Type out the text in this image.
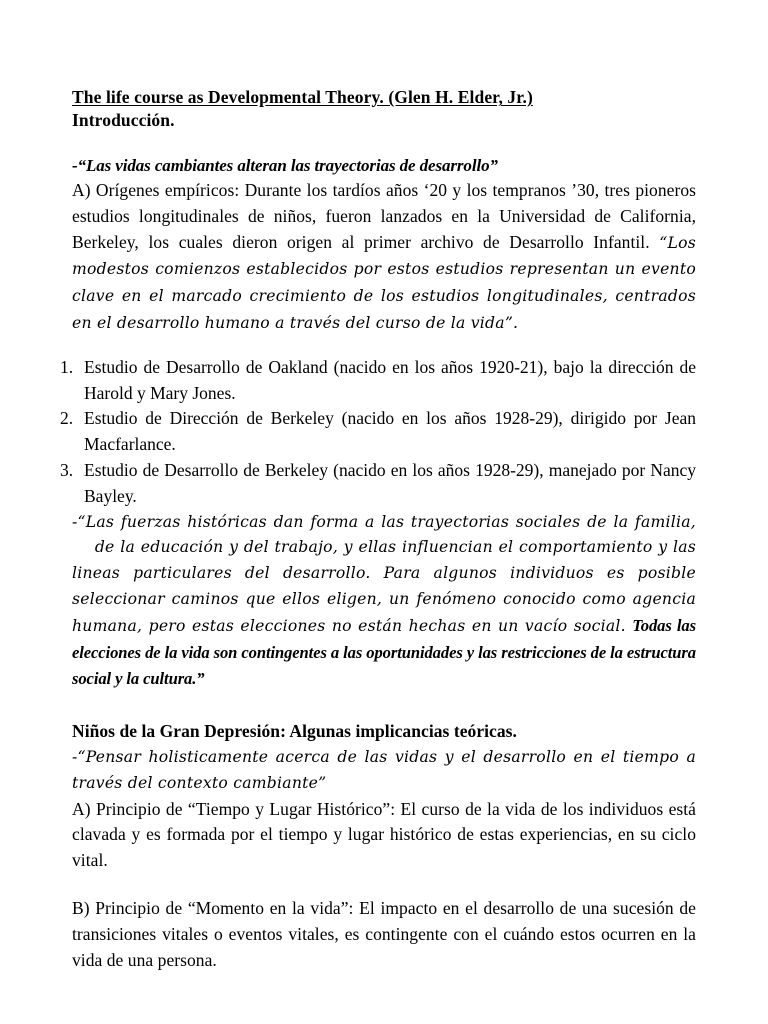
The life course as Developmental Theory. (Glen H. Elder, Jr.)
Introducción.
-“Las vidas cambiantes alteran las trayectorias de desarrollo”

A) Orígenes empíricos: Durante los tardíos años ‘20 y los tempranos ’30, tres pioneros estudios longitudinales de niños, fueron lanzados en la Universidad de California, Berkeley, los cuales dieron origen al primer archivo de Desarrollo Infantil. “Los modestos comienzos establecidos por estos estudios representan un evento clave en el marcado crecimiento de los estudios longitudinales, centrados en el desarrollo humano a través del curso de la vida”.

Estudio de Desarrollo de Oakland (nacido en los años 1920-21), bajo la dirección de Harold y Mary Jones.
Estudio de Dirección de Berkeley (nacido en los años 1928-29), dirigido por Jean Macfarlance.
Estudio de Desarrollo de Berkeley (nacido en los años 1928-29), manejado por Nancy Bayley.

-“Las fuerzas históricas dan forma a las trayectorias sociales de la familia,    de la educación y del trabajo, y ellas influencian el comportamiento y las lineas particulares del desarrollo. Para algunos individuos es posible seleccionar caminos que ellos eligen, un fenómeno conocido como agencia humana, pero estas elecciones no están hechas en un vacío social. Todas las elecciones de la vida son contingentes a las oportunidades y las restricciones de la estructura social y la cultura.”

Niños de la Gran Depresión: Algunas implicancias teóricas.

-“Pensar holisticamente acerca de las vidas y el desarrollo en el tiempo a través del contexto cambiante”

A) Principio de “Tiempo y Lugar Histórico”: El curso de la vida de los individuos está clavada y es formada por el tiempo y lugar histórico de estas experiencias, en su ciclo vital.

B) Principio de “Momento en la vida”: El impacto en el desarrollo de una sucesión de transiciones vitales o eventos vitales, es contingente con el cuándo estos ocurren en la vida de una persona.
